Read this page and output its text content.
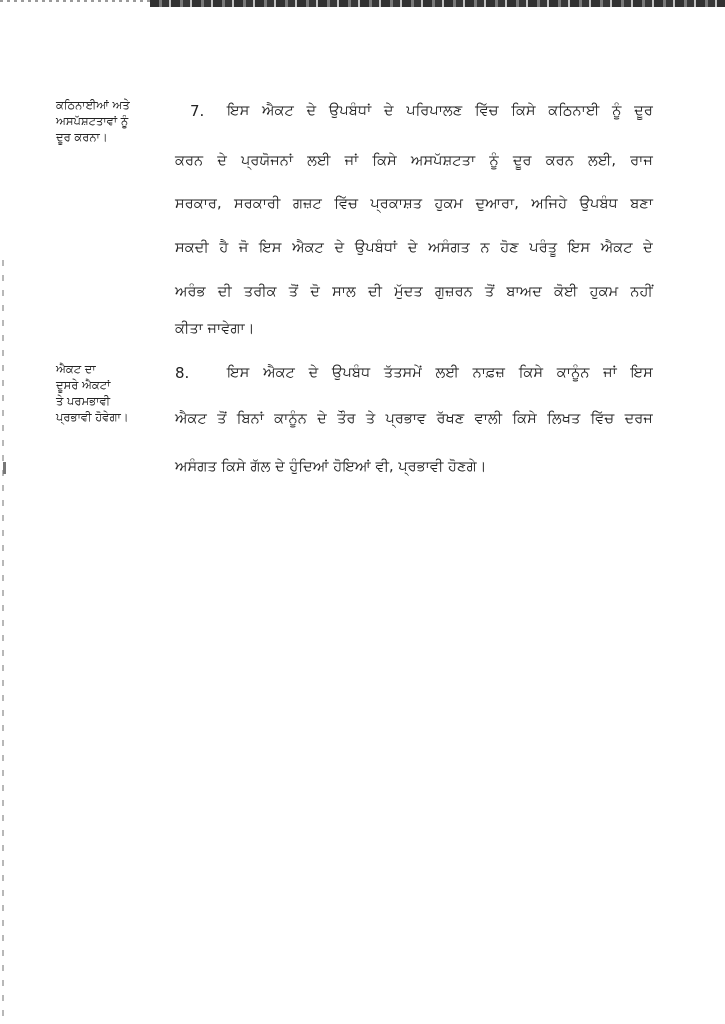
ਕਠਿਨਾਈਆਂ ਅਤੇ
ਅਸਪੱਸ਼ਟਤਾਵਾਂ ਨੂੰ
ਦੂਰ ਕਰਨਾ।
7. ਇਸ ਐਕਟ ਦੇ ਉਪਬੰਧਾਂ ਦੇ ਪਰਿਪਾਲਣ ਵਿੱਚ ਕਿਸੇ ਕਠਿਨਾਈ ਨੂੰ ਦੂਰ
ਕਰਨ ਦੇ ਪ੍ਰਯੋਜਨਾਂ ਲਈ ਜਾਂ ਕਿਸੇ ਅਸਪੱਸ਼ਟਤਾ ਨੂੰ ਦੂਰ ਕਰਨ ਲਈ, ਰਾਜ
ਸਰਕਾਰ, ਸਰਕਾਰੀ ਗਜ਼ਟ ਵਿੱਚ ਪ੍ਰਕਾਸ਼ਤ ਹੁਕਮ ਦੁਆਰਾ, ਅਜਿਹੇ ਉਪਬੰਧ ਬਣਾ
ਸਕਦੀ ਹੈ ਜੋ ਇਸ ਐਕਟ ਦੇ ਉਪਬੰਧਾਂ ਦੇ ਅਸੰਗਤ ਨ ਹੋਣ ਪਰੰਤੂ ਇਸ ਐਕਟ ਦੇ
ਅਰੰਭ ਦੀ ਤਰੀਕ ਤੋਂ ਦੋ ਸਾਲ ਦੀ ਮੁੱਦਤ ਗੁਜ਼ਰਨ ਤੋਂ ਬਾਅਦ ਕੋਈ ਹੁਕਮ ਨਹੀਂ
ਕੀਤਾ ਜਾਵੇਗਾ।
ਐਕਟ ਦਾ
ਦੂਸਰੇ ਐਕਟਾਂ
ਤੇ ਪਰਮਭਾਵੀ
ਪ੍ਰਭਾਵੀ ਹੋਵੇਗਾ।
8.	ਇਸ ਐਕਟ ਦੇ ਉਪਬੰਧ ਤੱਤਸਮੇਂ ਲਈ ਨਾਫ਼ਜ਼ ਕਿਸੇ ਕਾਨੂੰਨ ਜਾਂ ਇਸ
ਐਕਟ ਤੋਂ ਬਿਨਾਂ ਕਾਨੂੰਨ ਦੇ ਤੌਰ ਤੇ ਪ੍ਰਭਾਵ ਰੱਖਣ ਵਾਲੀ ਕਿਸੇ ਲਿਖਤ ਵਿੱਚ ਦਰਜ
ਅਸੰਗਤ ਕਿਸੇ ਗੱਲ ਦੇ ਹੁੰਦਿਆਂ ਹੋਇਆਂ ਵੀ, ਪ੍ਰਭਾਵੀ ਹੋਣਗੇ।
